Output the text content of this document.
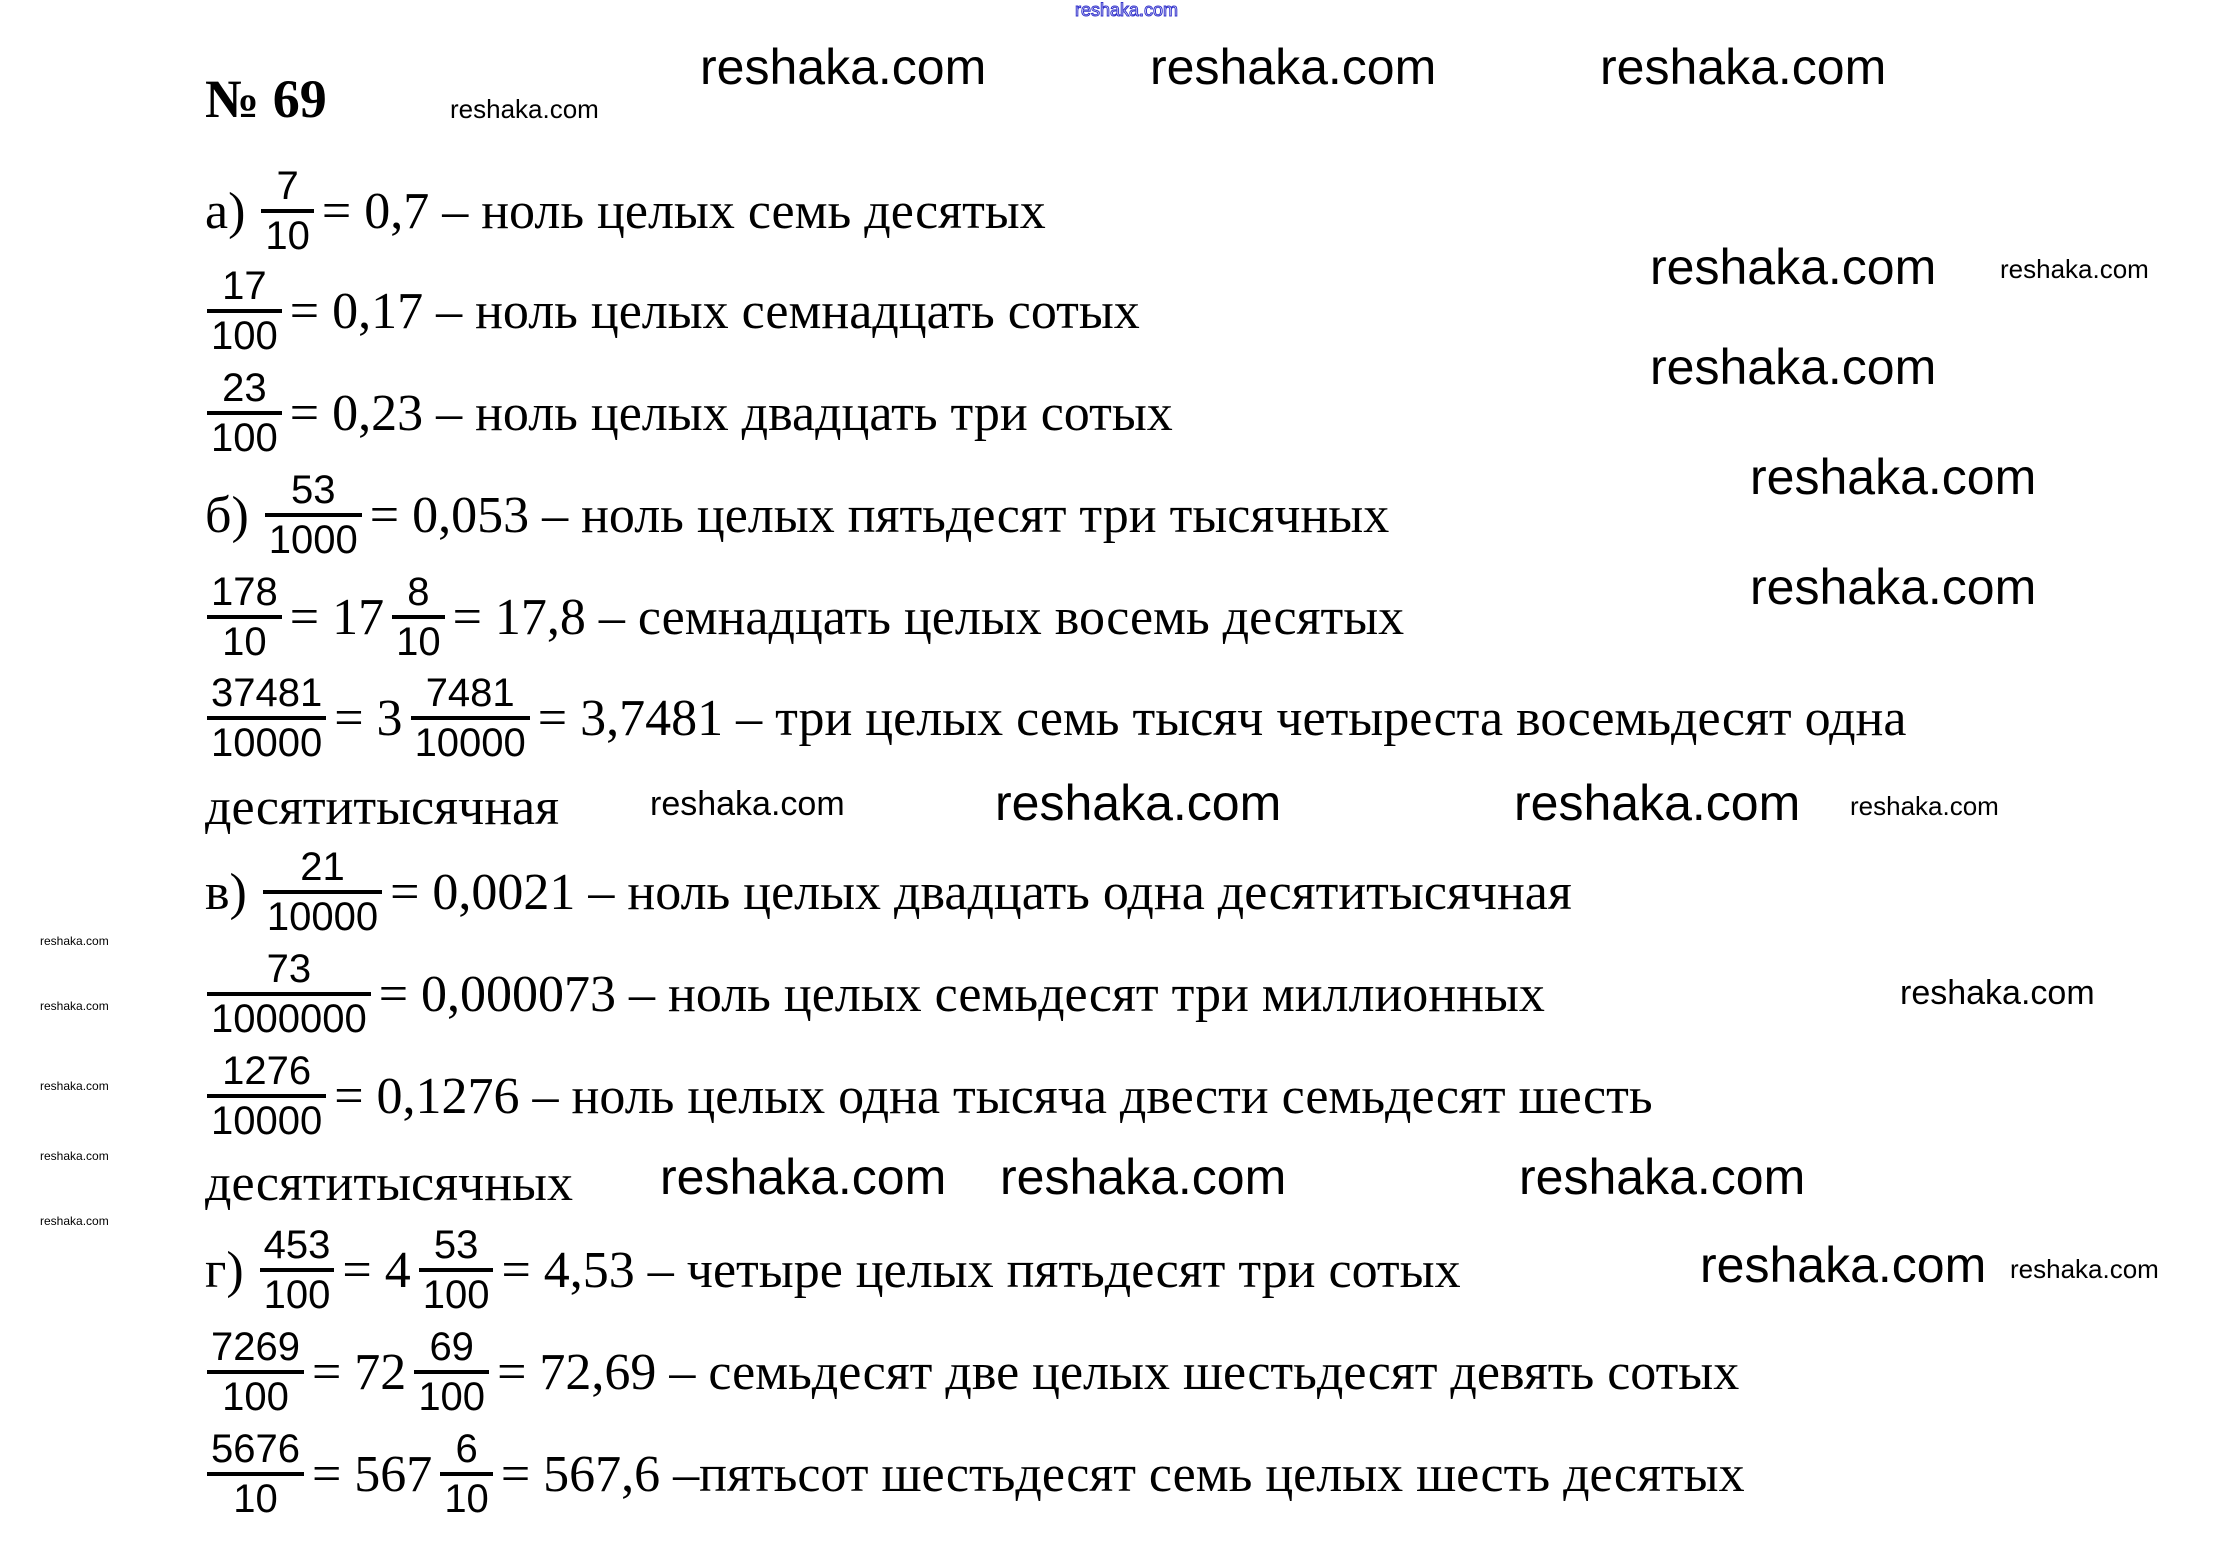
reshaka.com
№ 69
$а) \frac{7}{10} = 0,7$ – ноль целых семь десятых
$\frac{17}{100} = 0,17$ – ноль целых семнадцать сотых
$\frac{23}{100} = 0,23$ – ноль целых двадцать три сотых
$б) \frac{53}{1000} = 0,053$ – ноль целых пятьдесят три тысячных
$\frac{178}{10} = 17 \frac{8}{10} = 17,8$ – семнадцать целых восемь десятых
$\frac{37481}{10000} = 3 \frac{7481}{10000} = 3,7481$ – три целых семь тысяч четыреста восемьдесят одна
десятитысячная
$в) \frac{21}{10000} = 0,0021$ – ноль целых двадцать одна десятитысячная
$\frac{73}{1000000} = 0,000073$ – ноль целых семьдесят три миллионных
$\frac{1276}{10000} = 0,1276$ – ноль целых одна тысяча двести семьдесят шесть
десятитысячных
$г) \frac{453}{100} = 4 \frac{53}{100} = 4,53$ – четыре целых пятьдесят три сотых
$\frac{7269}{100} = 72 \frac{69}{100} = 72,69$ – семьдесят две целых шестьдесят девять сотых
$\frac{5676}{10} = 567 \frac{6}{10} = 567,6$ –пятьсот шестьдесят семь целых шесть десятых
reshaka.com
reshaka.com	reshaka.com
reshaka.com
reshaka.com
reshaka.com
reshaka.com
reshaka.com
reshaka.com
reshaka.com	reshaka.com
reshaka.com
reshaka.com
reshaka.com
reshaka.com	reshaka.com
reshaka.com
reshaka.com
reshaka.com
reshaka.com
reshaka.com
reshaka.com reshaka.com
reshaka.com
